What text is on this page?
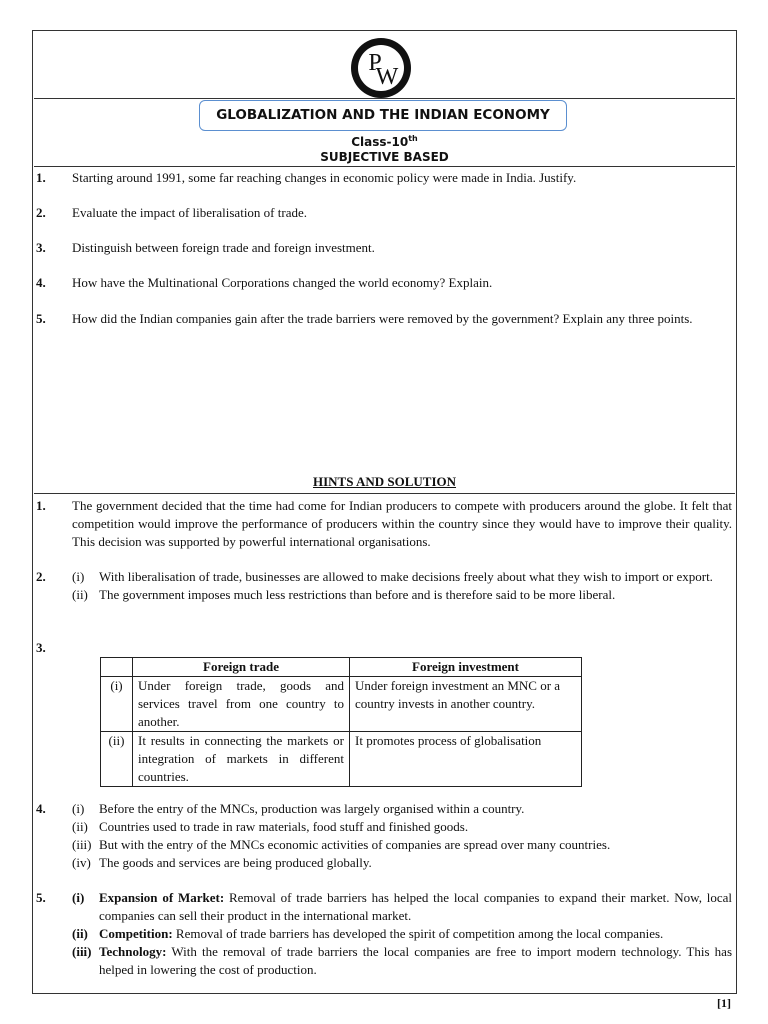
P
W
GLOBALIZATION AND THE INDIAN ECONOMY
Class-10th
SUBJECTIVE BASED
1. Starting around 1991, some far reaching changes in economic policy were made in India. Justify.
2. Evaluate the impact of liberalisation of trade.
3. Distinguish between foreign trade and foreign investment.
4. How have the Multinational Corporations changed the world economy? Explain.
5. How did the Indian companies gain after the trade barriers were removed by the government? Explain any three points.
HINTS AND SOLUTION
1. The government decided that the time had come for Indian producers to compete with producers around the globe. It felt that competition would improve the performance of producers within the country since they would have to improve their quality. This decision was supported by powerful international organisations.
2. (i) With liberalisation of trade, businesses are allowed to make decisions freely about what they wish to import or export.
(ii) The government imposes much less restrictions than before and is therefore said to be more liberal.
3.
	Foreign trade	Foreign investment
(i)	Under foreign trade, goods and services travel from one country to another.	Under foreign investment an MNC or a country invests in another country.
(ii)	It results in connecting the markets or integration of markets in different countries.	It promotes process of globalisation
4. (i) Before the entry of the MNCs, production was largely organised within a country.
(ii) Countries used to trade in raw materials, food stuff and finished goods.
(iii) But with the entry of the MNCs economic activities of companies are spread over many countries.
(iv) The goods and services are being produced globally.
5. (i) Expansion of Market: Removal of trade barriers has helped the local companies to expand their market. Now, local companies can sell their product in the international market.
(ii) Competition: Removal of trade barriers has developed the spirit of competition among the local companies.
(iii) Technology: With the removal of trade barriers the local companies are free to import modern technology. This has helped in lowering the cost of production.
[1]
